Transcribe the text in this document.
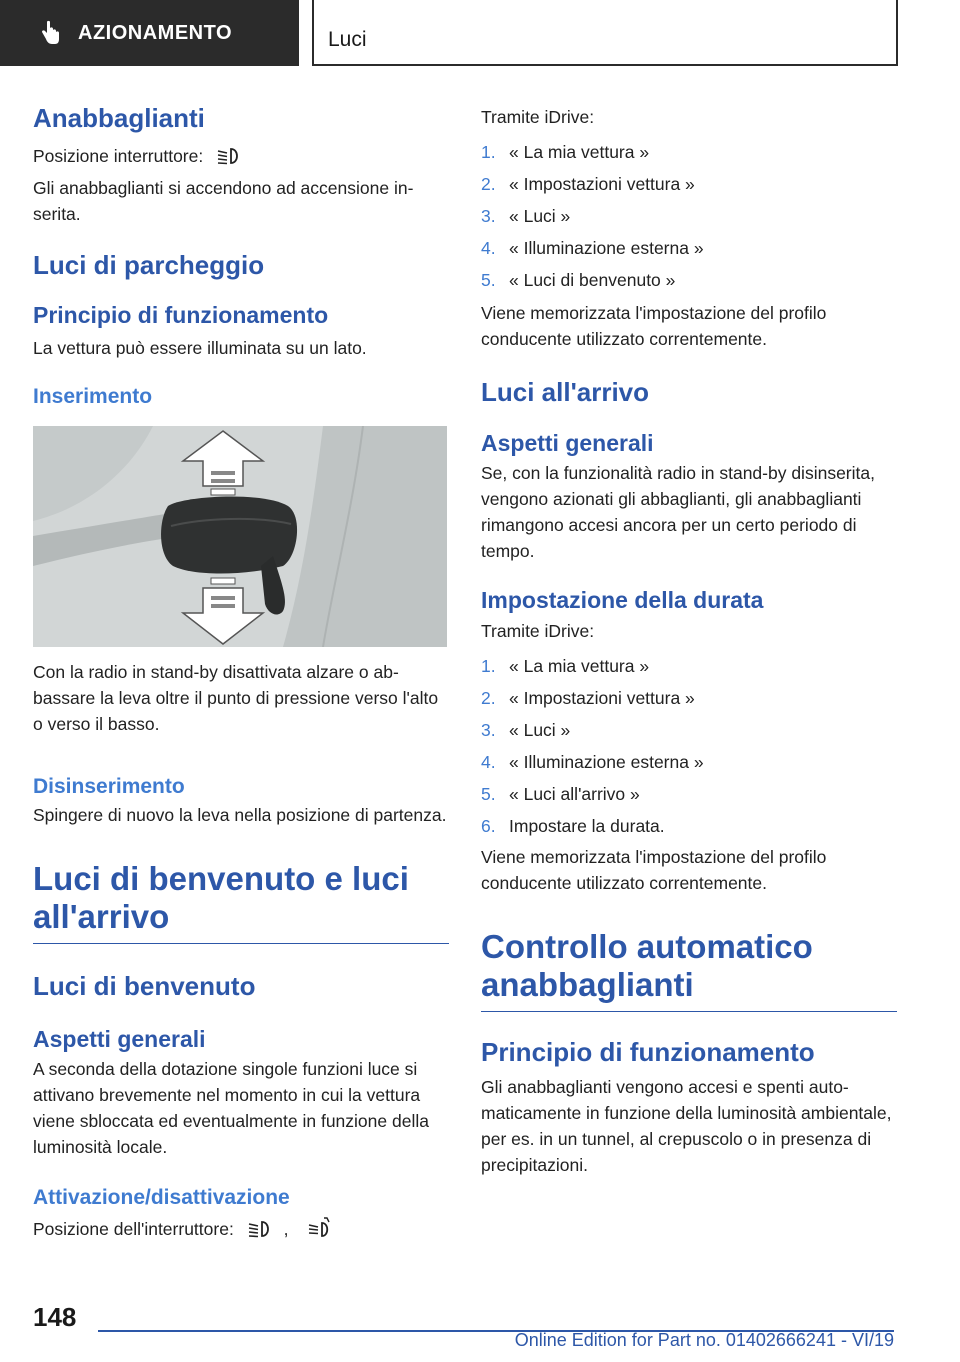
AZIONAMENTO	Luci
Anabbaglianti

Posizione interruttore:

Gli anabbaglianti si accendono ad accensione inserita.

Luci di parcheggio
Principio di funzionamento

La vettura può essere illuminata su un lato.

Inserimento

Con la radio in stand-by disattivata alzare o abbassare la leva oltre il punto di pressione verso l'alto o verso il basso.

Disinserimento

Spingere di nuovo la leva nella posizione di partenza.

Luci di benvenuto e luci all'arrivo
Luci di benvenuto
Aspetti generali

A seconda della dotazione singole funzioni luce si attivano brevemente nel momento in cui la vettura viene sbloccata ed eventualmente in funzione della luminosità locale.

Attivazione/disattivazione

Posizione dell'interruttore:	,

Tramite iDrive:

1. « La mia vettura »
2. « Impostazioni vettura »
3. « Luci »
4. « Illuminazione esterna »
5. « Luci di benvenuto »

Viene memorizzata l'impostazione del profilo conducente utilizzato correntemente.

Luci all'arrivo
Aspetti generali

Se, con la funzionalità radio in stand-by disinserita, vengono azionati gli abbaglianti, gli anabbaglianti rimangono accesi ancora per un certo periodo di tempo.

Impostazione della durata

Tramite iDrive:

1. « La mia vettura »
2. « Impostazioni vettura »
3. « Luci »
4. « Illuminazione esterna »
5. « Luci all'arrivo »
6. Impostare la durata.

Viene memorizzata l'impostazione del profilo conducente utilizzato correntemente.

Controllo automatico anabbaglianti
Principio di funzionamento

Gli anabbaglianti vengono accesi e spenti automaticamente in funzione della luminosità ambientale, per es. in un tunnel, al crepuscolo o in presenza di precipitazioni.

148
Online Edition for Part no. 01402666241 - VI/19
